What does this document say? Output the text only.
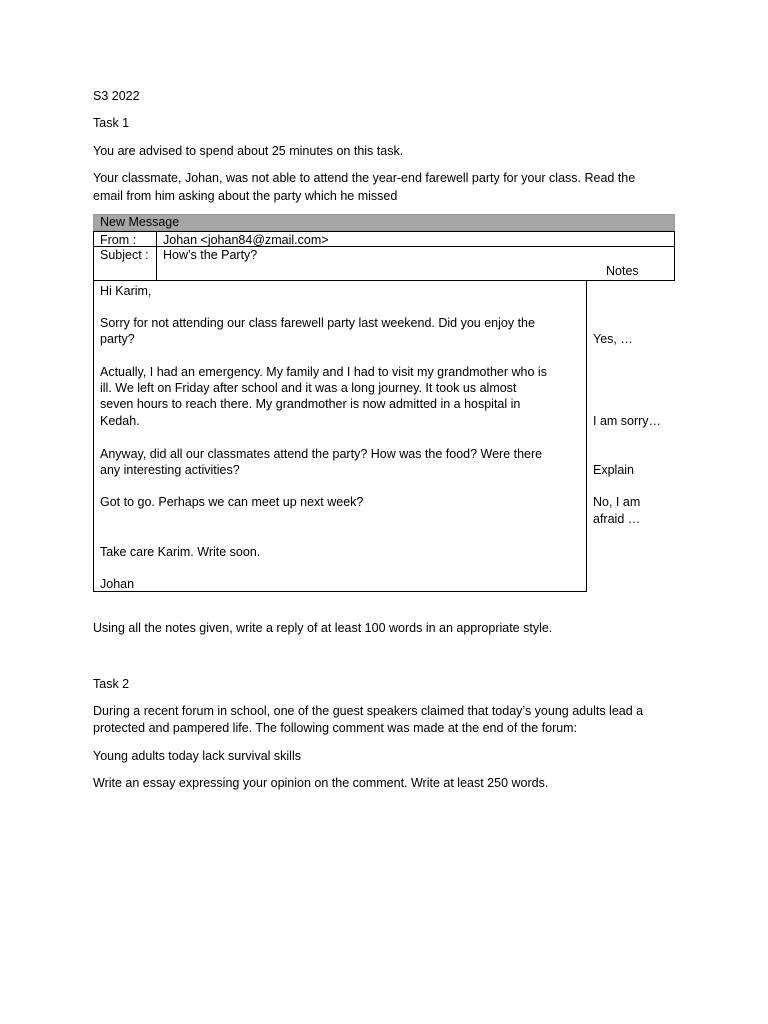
S3 2022
Task 1
You are advised to spend about 25 minutes on this task.
Your classmate, Johan, was not able to attend the year-end farewell party for your class. Read the
email from him asking about the party which he missed
New Message
From :	Johan <johan84@zmail.com>
Subject :	How’s the Party?
Notes
Hi Karim,
Sorry for not attending our class farewell party last weekend. Did you enjoy the
party?
Actually, I had an emergency. My family and I had to visit my grandmother who is
ill. We left on Friday after school and it was a long journey. It took us almost
seven hours to reach there. My grandmother is now admitted in a hospital in
Kedah.
Anyway, did all our classmates attend the party? How was the food? Were there
any interesting activities?
Got to go. Perhaps we can meet up next week?
Take care Karim. Write soon.
Johan
Yes, …
I am sorry…
Explain
No, I am
afraid …
Using all the notes given, write a reply of at least 100 words in an appropriate style.
Task 2
During a recent forum in school, one of the guest speakers claimed that today’s young adults lead a
protected and pampered life. The following comment was made at the end of the forum:
Young adults today lack survival skills
Write an essay expressing your opinion on the comment. Write at least 250 words.
